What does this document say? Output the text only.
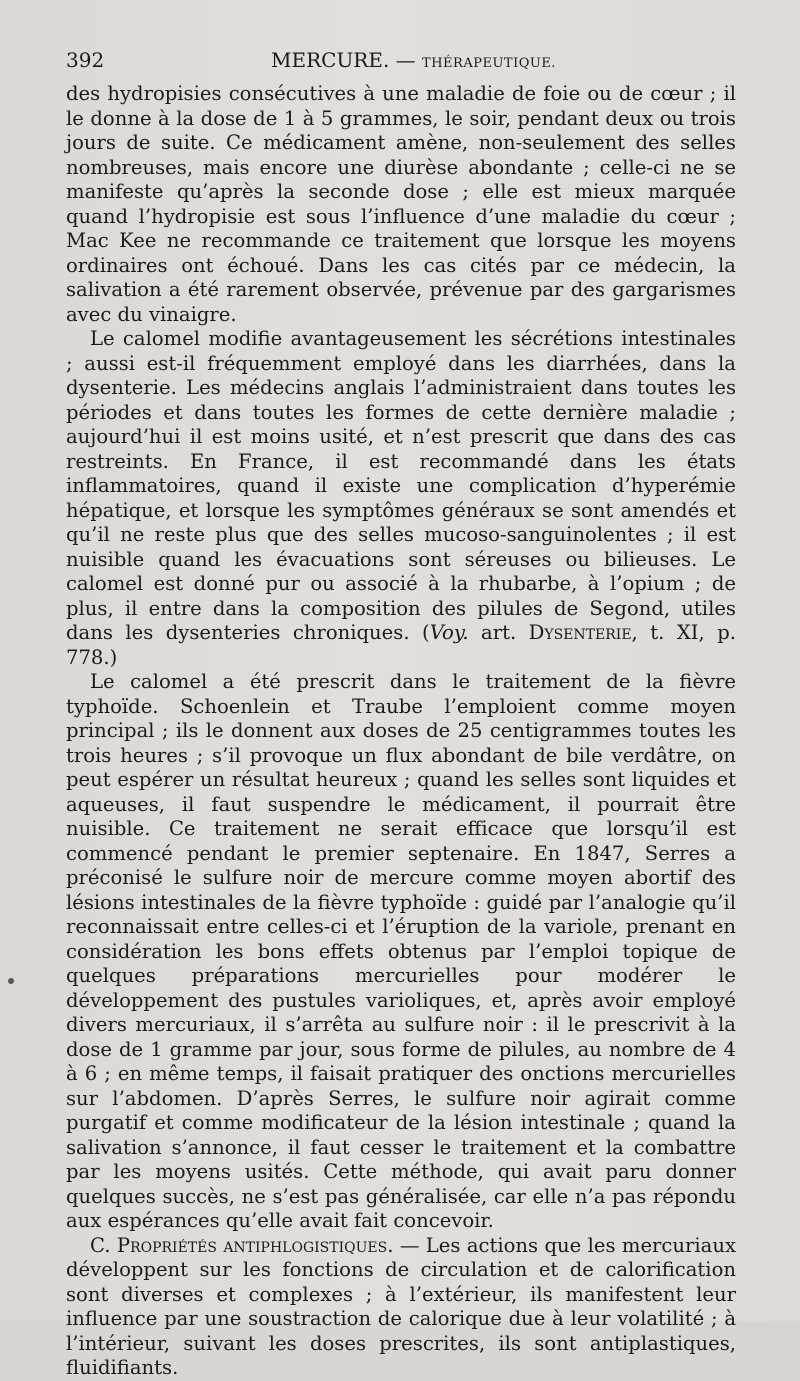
392	MERCURE. — THÉRAPEUTIQUE.

des hydropisies consécutives à une maladie de foie ou de cœur ; il le donne à la dose de 1 à 5 grammes, le soir, pendant deux ou trois jours de suite. Ce médicament amène, non-seulement des selles nombreuses, mais encore une diurèse abondante ; celle-ci ne se manifeste qu’après la seconde dose ; elle est mieux marquée quand l’hydropisie est sous l’influence d’une maladie du cœur ; Mac Kee ne recommande ce traitement que lorsque les moyens ordinaires ont échoué. Dans les cas cités par ce médecin, la salivation a été rarement observée, prévenue par des gargarismes avec du vinaigre.

Le calomel modifie avantageusement les sécrétions intestinales ; aussi est-il fréquemment employé dans les diarrhées, dans la dysenterie. Les médecins anglais l’administraient dans toutes les périodes et dans toutes les formes de cette dernière maladie ; aujourd’hui il est moins usité, et n’est prescrit que dans des cas restreints. En France, il est recommandé dans les états inflammatoires, quand il existe une complication d’hyperémie hépatique, et lorsque les symptômes généraux se sont amendés et qu’il ne reste plus que des selles mucoso-sanguinolentes ; il est nuisible quand les évacuations sont séreuses ou bilieuses. Le calomel est donné pur ou associé à la rhubarbe, à l’opium ; de plus, il entre dans la composition des pilules de Segond, utiles dans les dysenteries chroniques. (Voy. art. Dysenterie, t. XI, p. 778.)

Le calomel a été prescrit dans le traitement de la fièvre typhoïde. Schoenlein et Traube l’emploient comme moyen principal ; ils le donnent aux doses de 25 centigrammes toutes les trois heures ; s’il provoque un flux abondant de bile verdâtre, on peut espérer un résultat heureux ; quand les selles sont liquides et aqueuses, il faut suspendre le médicament, il pourrait être nuisible. Ce traitement ne serait efficace que lorsqu’il est commencé pendant le premier septenaire. En 1847, Serres a préconisé le sulfure noir de mercure comme moyen abortif des lésions intestinales de la fièvre typhoïde : guidé par l’analogie qu’il reconnaissait entre celles-ci et l’éruption de la variole, prenant en considération les bons effets obtenus par l’emploi topique de quelques préparations mercurielles pour modérer le développement des pustules varioliques, et, après avoir employé divers mercuriaux, il s’arrêta au sulfure noir : il le prescrivit à la dose de 1 gramme par jour, sous forme de pilules, au nombre de 4 à 6 ; en même temps, il faisait pratiquer des onctions mercurielles sur l’abdomen. D’après Serres, le sulfure noir agirait comme purgatif et comme modificateur de la lésion intestinale ; quand la salivation s’annonce, il faut cesser le traitement et la combattre par les moyens usités. Cette méthode, qui avait paru donner quelques succès, ne s’est pas généralisée, car elle n’a pas répondu aux espérances qu’elle avait fait concevoir.

C. Propriétés antiphlogistiques. — Les actions que les mercuriaux développent sur les fonctions de circulation et de calorification sont diverses et complexes ; à l’extérieur, ils manifestent leur influence par une soustraction de calorique due à leur volatilité ; à l’intérieur, suivant les doses prescrites, ils sont antiplastiques, fluidifiants.
